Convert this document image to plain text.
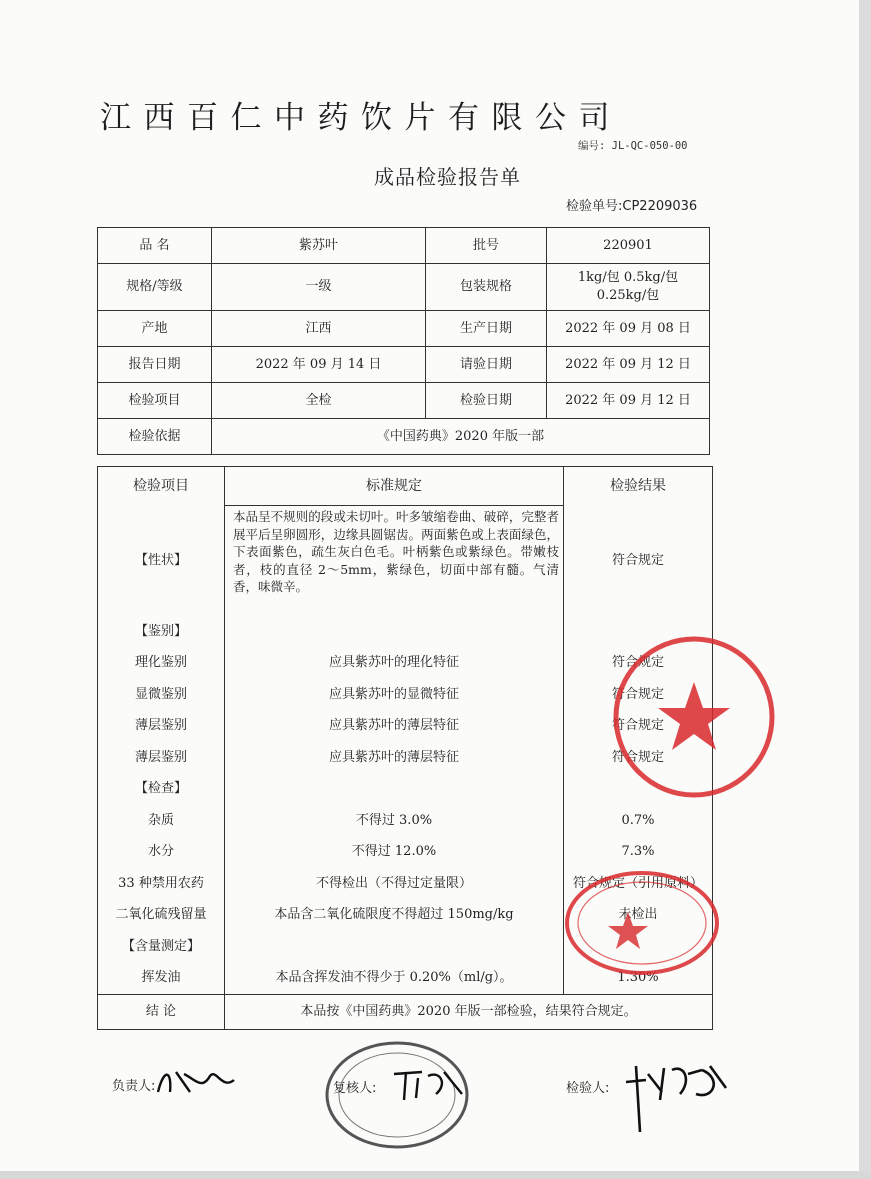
江西百仁中药饮片有限公司
编号: JL-QC-050-00
成品检验报告单
检验单号:CP2209036
品 名	紫苏叶	批号	220901
规格/等级	一级	包装规格	1kg/包 0.5kg/包
0.25kg/包

产地	江西	生产日期	2022 年 09 月 08 日
报告日期	2022 年 09 月 14 日	请验日期	2022 年 09 月 12 日
检验项目	全检	检验日期	2022 年 09 月 12 日
检验依据	《中国药典》2020 年版一部		
检验项目	标准规定	检验结果
【性状】	本品呈不规则的段或未切叶。叶多皱缩卷曲、破碎，完整者展平后呈卵圆形，边缘具圆锯齿。两面紫色或上表面绿色，下表面紫色，疏生灰白色毛。叶柄紫色或紫绿色。带嫩枝者，枝的直径 2～5mm，紫绿色，切面中部有髓。气清香，味微辛。	符合规定
【鉴别】		
理化鉴别	应具紫苏叶的理化特征	符合规定
显微鉴别	应具紫苏叶的显微特征	符合规定
薄层鉴别	应具紫苏叶的薄层特征	符合规定
薄层鉴别	应具紫苏叶的薄层特征	符合规定
【检查】		
杂质	不得过 3.0%	0.7%
水分	不得过 12.0%	7.3%
33 种禁用农药	不得检出（不得过定量限）	符合规定（引用原料）
二氧化硫残留量	本品含二氧化硫限度不得超过 150mg/kg	未检出
【含量测定】		
挥发油	本品含挥发油不得少于 0.20%（ml/g）。	1.30%
结 论	本品按《中国药典》2020 年版一部检验，结果符合规定。	
负责人:	复核人:	检验人:
